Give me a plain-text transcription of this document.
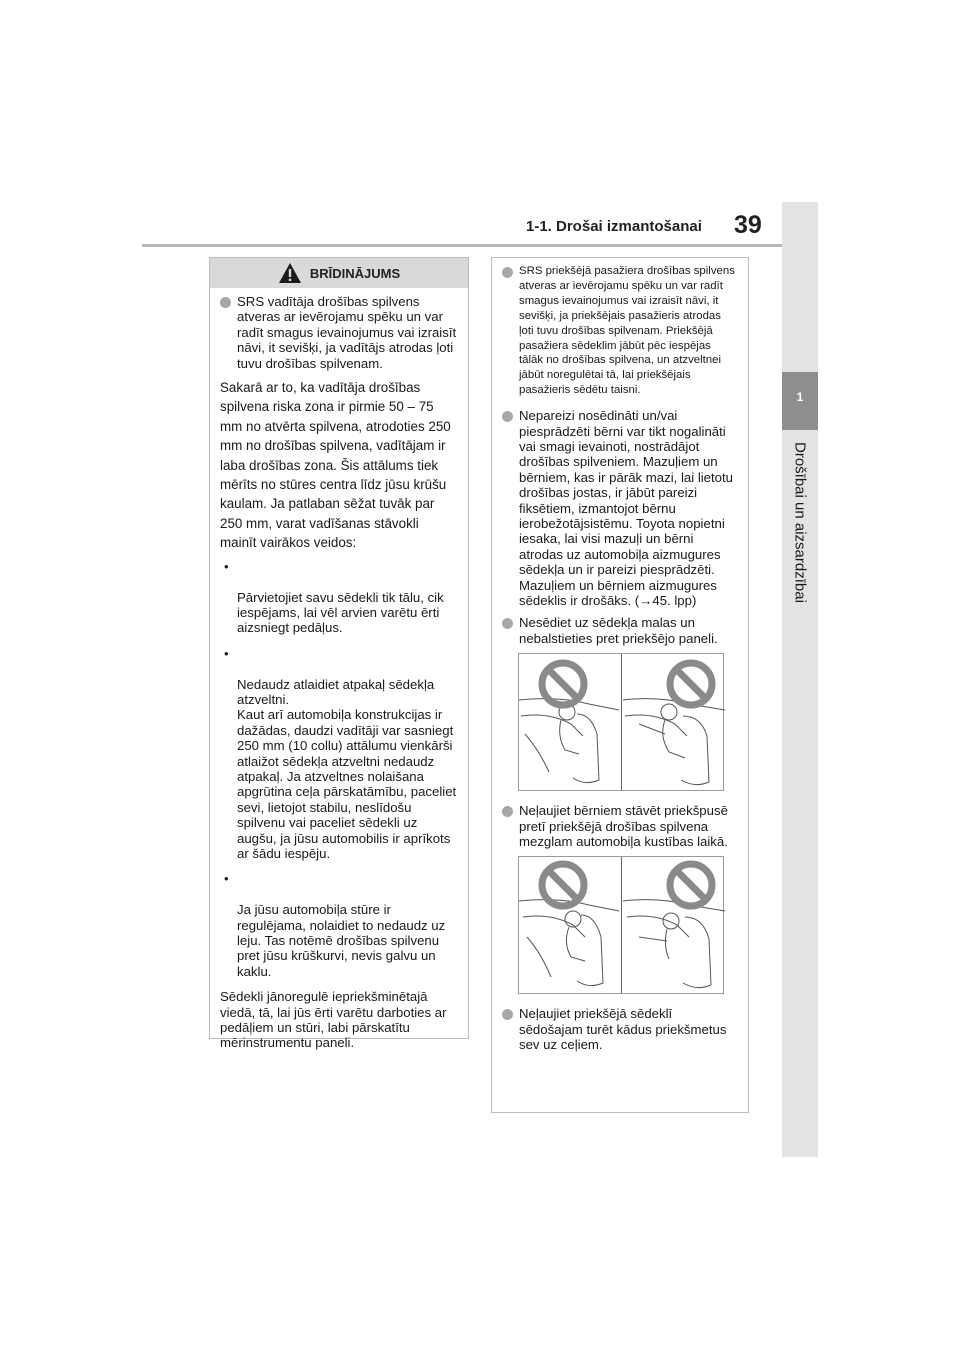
1
Drošībai un aizsardzībai
1-1. Drošai izmantošanai 39
BRĪDINĀJUMS
SRS vadītāja drošības spilvens atveras ar ievērojamu spēku un var radīt smagus ievainojumus vai izraisīt nāvi, it sevišķi, ja vadītājs atrodas ļoti tuvu drošības spilvenam.

Sakarā ar to, ka vadītāja drošības spilvena riska zona ir pirmie 50 – 75 mm no atvērta spilvena, atrodoties 250 mm no drošības spilvena, vadītājam ir laba drošības zona. Šis attālums tiek mērīts no stūres centra līdz jūsu krūšu kaulam. Ja patlaban sēžat tuvāk par 250 mm, varat vadīšanas stāvokli mainīt vairākos veidos:

•

Pārvietojiet savu sēdekli tik tālu, cik iespējams, lai vēl arvien varētu ērti aizsniegt pedāļus.

•

Nedaudz atlaidiet atpakaļ sēdekļa atzveltni.
Kaut arī automobiļa konstrukcijas ir dažādas, daudzi vadītāji var sasniegt 250 mm (10 collu) attālumu vienkārši atlaižot sēdekļa atzveltni nedaudz atpakaļ. Ja atzveltnes nolaišana apgrūtina ceļa pārskatāmību, paceliet sevi, lietojot stabilu, neslīdošu spilvenu vai paceliet sēdekli uz augšu, ja jūsu automobilis ir aprīkots ar šādu iespēju.

•

Ja jūsu automobiļa stūre ir regulējama, nolaidiet to nedaudz uz leju. Tas notēmē drošības spilvenu pret jūsu krūškurvi, nevis galvu un kaklu.

Sēdekli jānoregulē iepriekšminētajā viedā, tā, lai jūs ērti varētu darboties ar pedāļiem un stūri, labi pārskatītu mērinstrumentu paneli.

SRS priekšējā pasažiera drošības spilvens atveras ar ievērojamu spēku un var radīt smagus ievainojumus vai izraisīt nāvi, it sevišķi, ja priekšējais pasažieris atrodas ļoti tuvu drošības spilvenam. Priekšējā pasažiera sēdeklim jābūt pēc iespējas tālāk no drošības spilvena, un atzveltnei jābūt noregulētai tā, lai priekšējais pasažieris sēdētu taisni.
Nepareizi nosēdināti un/vai piesprādzēti bērni var tikt nogalināti vai smagi ievainoti, nostrādājot drošības spilveniem. Mazuļiem un bērniem, kas ir pārāk mazi, lai lietotu drošības jostas, ir jābūt pareizi fiksētiem, izmantojot bērnu ierobežotājsistēmu. Toyota nopietni iesaka, lai visi mazuļi un bērni atrodas uz automobiļa aizmugures sēdekļa un ir pareizi piesprādzēti. Mazuļiem un bērniem aizmugures sēdeklis ir drošāks. (→45. lpp)
Nesēdiet uz sēdekļa malas un nebalstieties pret priekšējo paneli.
Neļaujiet bērniem stāvēt priekšpusē pretī priekšējā drošības spilvena mezglam automobiļa kustības laikā.
Neļaujiet priekšējā sēdeklī sēdošajam turēt kādus priekšmetus sev uz ceļiem.
